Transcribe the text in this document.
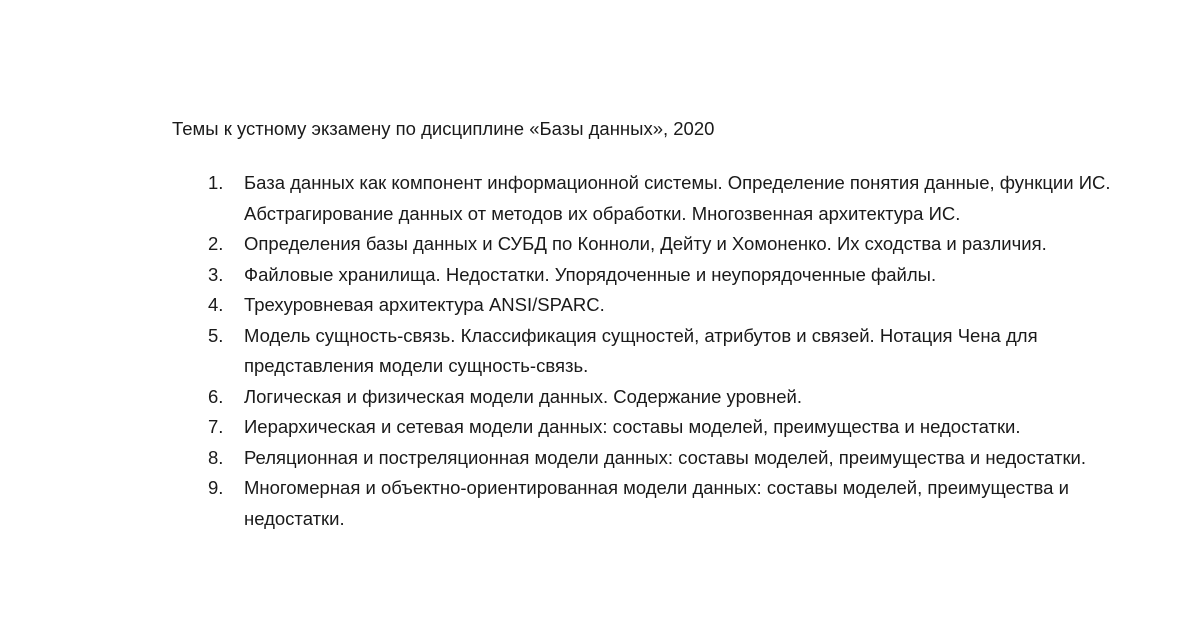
Темы к устному экзамену по дисциплине «Базы данных», 2020
1. База данных как компонент информационной системы. Определение понятия данные, функции ИС. Абстрагирование данных от методов их обработки. Многозвенная архитектура ИС.
2. Определения базы данных и СУБД по Конноли, Дейту и Хомоненко. Их сходства и различия.
3. Файловые хранилища. Недостатки. Упорядоченные и неупорядоченные файлы.
4. Трехуровневая архитектура ANSI/SPARC.
5. Модель сущность-связь. Классификация сущностей, атрибутов и связей. Нотация Чена для представления модели сущность-связь.
6. Логическая и физическая модели данных. Содержание уровней.
7. Иерархическая и сетевая модели данных: составы моделей, преимущества и недостатки.
8. Реляционная и постреляционная модели данных: составы моделей, преимущества и недостатки.
9. Многомерная и объектно-ориентированная модели данных: составы моделей, преимущества и недостатки.
